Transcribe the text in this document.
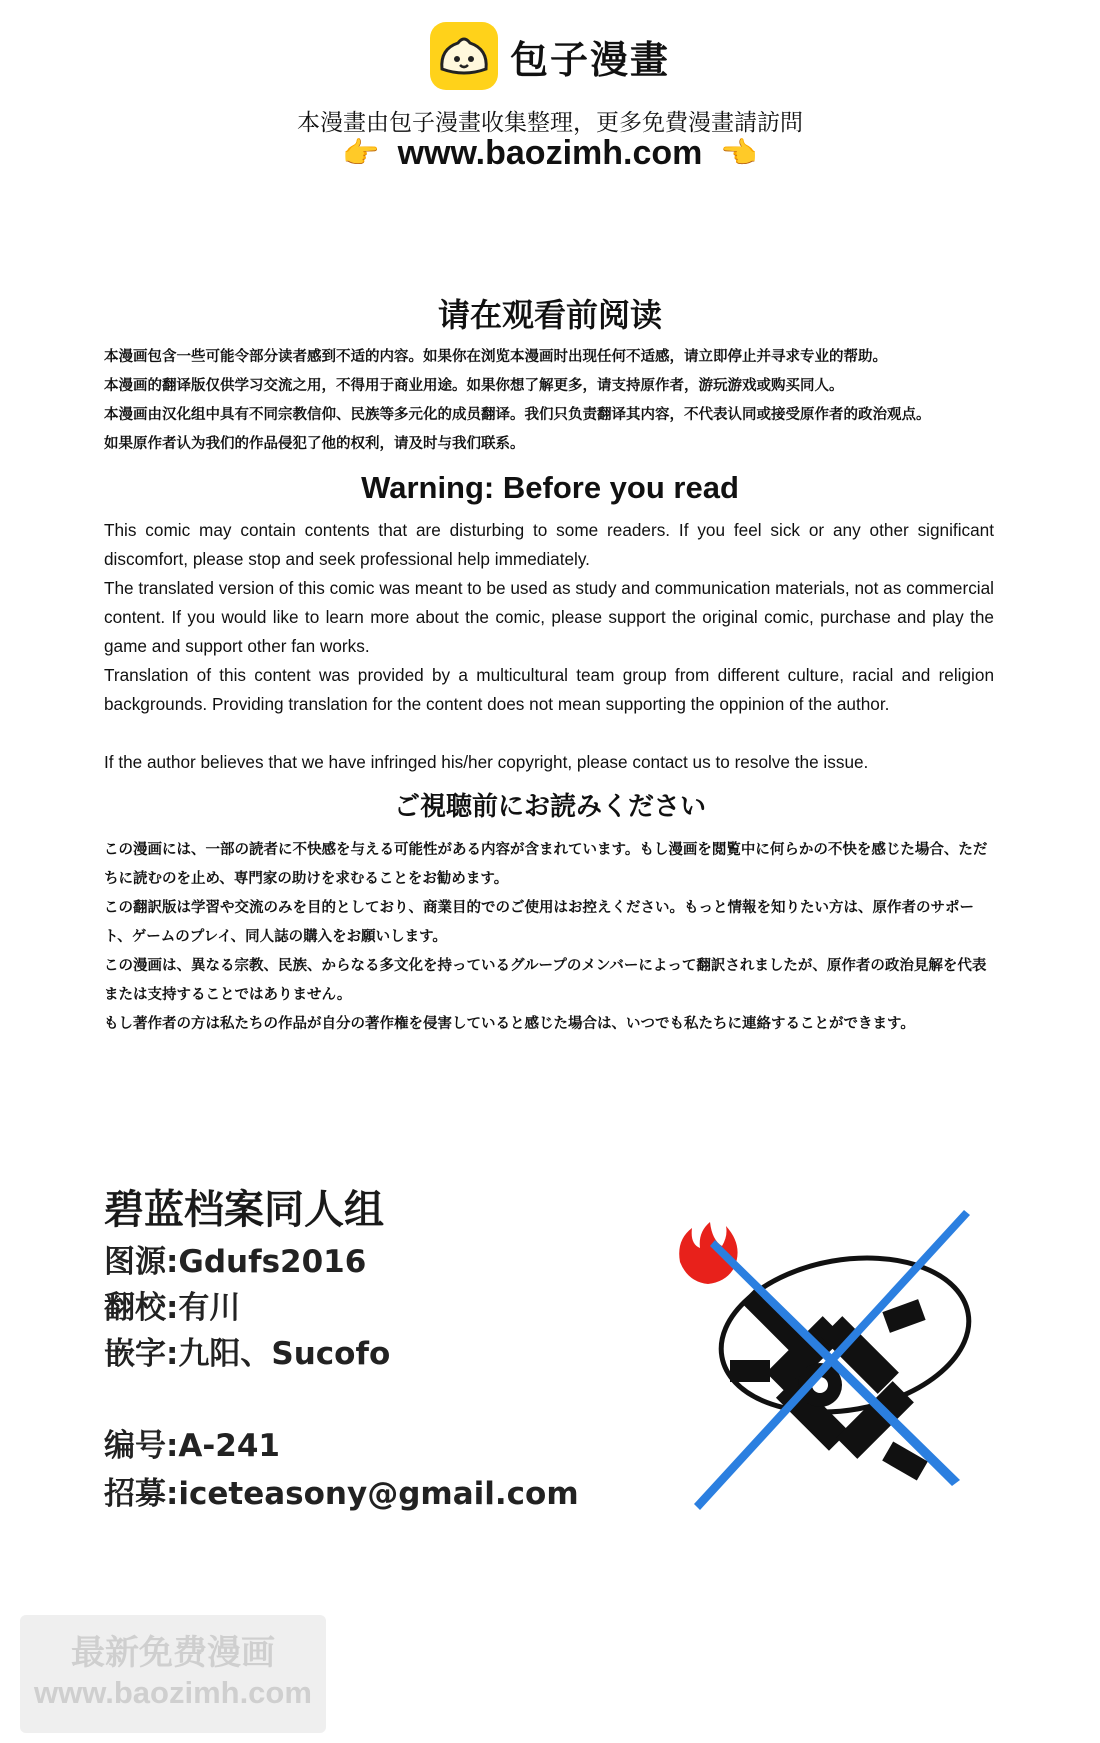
包子漫畫
本漫畫由包子漫畫收集整理，更多免費漫畫請訪問
👉 www.baozimh.com 👈
请在观看前阅读
本漫画包含一些可能令部分读者感到不适的内容。如果你在浏览本漫画时出现任何不适感，请立即停止并寻求专业的帮助。
本漫画的翻译版仅供学习交流之用，不得用于商业用途。如果你想了解更多，请支持原作者，游玩游戏或购买同人。
本漫画由汉化组中具有不同宗教信仰、民族等多元化的成员翻译。我们只负责翻译其内容，不代表认同或接受原作者的政治观点。
如果原作者认为我们的作品侵犯了他的权利，请及时与我们联系。
Warning: Before you read
This comic may contain contents that are disturbing to some readers. If you feel sick or any other significant discomfort, please stop and seek professional help immediately.
The translated version of this comic was meant to be used as study and communication materials, not as commercial content. If you would like to learn more about the comic, please support the original comic, purchase and play the game and support other fan works.
Translation of this content was provided by a multicultural team group from different culture, racial and religion backgrounds. Providing translation for the content does not mean supporting the oppinion of the author.
If the author believes that we have infringed his/her copyright, please contact us to resolve the issue.
ご視聴前にお読みください
この漫画には、一部の読者に不快感を与える可能性がある内容が含まれています。もし漫画を閲覧中に何らかの不快を感じた場合、ただちに読むのを止め、専門家の助けを求むることをお勧めます。
この翻訳版は学習や交流のみを目的としており、商業目的でのご使用はお控えください。もっと情報を知りたい方は、原作者のサポート、ゲームのプレイ、同人誌の購入をお願いします。
この漫画は、異なる宗教、民族、からなる多文化を持っているグループのメンバーによって翻訳されましたが、原作者の政治見解を代表または支持することではありません。
もし著作者の方は私たちの作品が自分の著作権を侵害していると感じた場合は、いつでも私たちに連絡することができます。
碧蓝档案同人组
图源:Gdufs2016
翻校:有川
嵌字:九阳、Sucofo
编号:A-241
招募:iceteasony@gmail.com
最新免费漫画
www.baozimh.com
